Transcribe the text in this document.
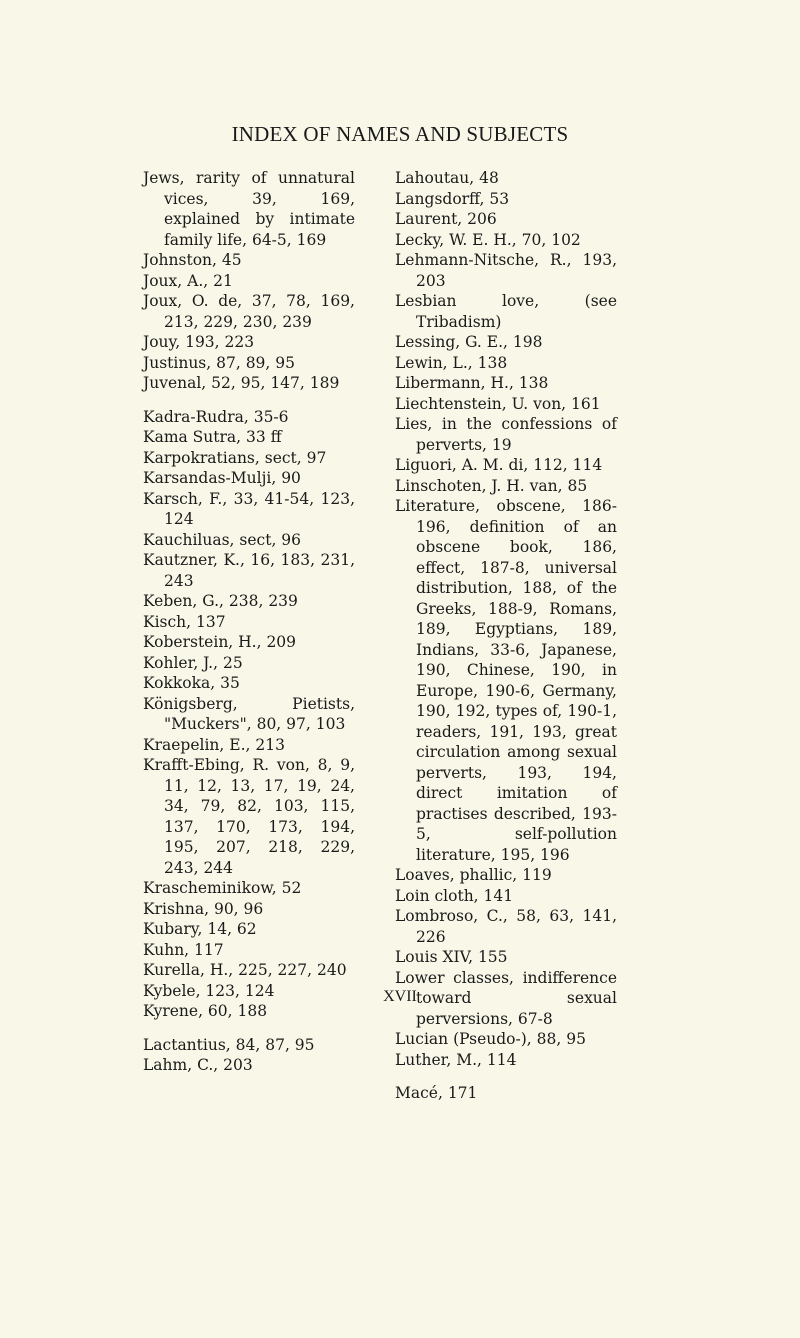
INDEX OF NAMES AND SUBJECTS
Jews, rarity of unnatural vices, 39, 169, explained by intimate family life, 64-5, 169
Johnston, 45
Joux, A., 21
Joux, O. de, 37, 78, 169, 213, 229, 230, 239
Jouy, 193, 223
Justinus, 87, 89, 95
Juvenal, 52, 95, 147, 189
Kadra-Rudra, 35-6
Kama Sutra, 33 ff
Karpokratians, sect, 97
Karsandas-Mulji, 90
Karsch, F., 33, 41-54, 123, 124
Kauchiluas, sect, 96
Kautzner, K., 16, 183, 231, 243
Keben, G., 238, 239
Kisch, 137
Koberstein, H., 209
Kohler, J., 25
Kokkoka, 35
Königsberg, Pietists, "Muckers", 80, 97, 103
Kraepelin, E., 213
Krafft-Ebing, R. von, 8, 9, 11, 12, 13, 17, 19, 24, 34, 79, 82, 103, 115, 137, 170, 173, 194, 195, 207, 218, 229, 243, 244
Kraschеminikow, 52
Krishna, 90, 96
Kubary, 14, 62
Kuhn, 117
Kurella, H., 225, 227, 240
Kybele, 123, 124
Kyrene, 60, 188
Lactantius, 84, 87, 95
Lahm, C., 203
Lahoutau, 48
Langsdorff, 53
Laurent, 206
Lecky, W. E. H., 70, 102
Lehmann-Nitsche, R., 193, 203
Lesbian love, (see Tribadism)
Lessing, G. E., 198
Lewin, L., 138
Libermann, H., 138
Liechtenstein, U. von, 161
Lies, in the confessions of perverts, 19
Liguori, A. M. di, 112, 114
Linschoten, J. H. van, 85
Literature, obscene, 186-196, definition of an obscene book, 186, effect, 187-8, universal distribution, 188, of the Greeks, 188-9, Romans, 189, Egyptians, 189, Indians, 33-6, Japanese, 190, Chinese, 190, in Europe, 190-6, Germany, 190, 192, types of, 190-1, readers, 191, 193, great circulation among sexual perverts, 193, 194, direct imitation of practises described, 193-5, self-pollution literature, 195, 196
Loaves, phallic, 119
Loin cloth, 141
Lombroso, C., 58, 63, 141, 226
Louis XIV, 155
Lower classes, indifference toward sexual perversions, 67-8
Lucian (Pseudo-), 88, 95
Luther, M., 114
Macé, 171
XVII
